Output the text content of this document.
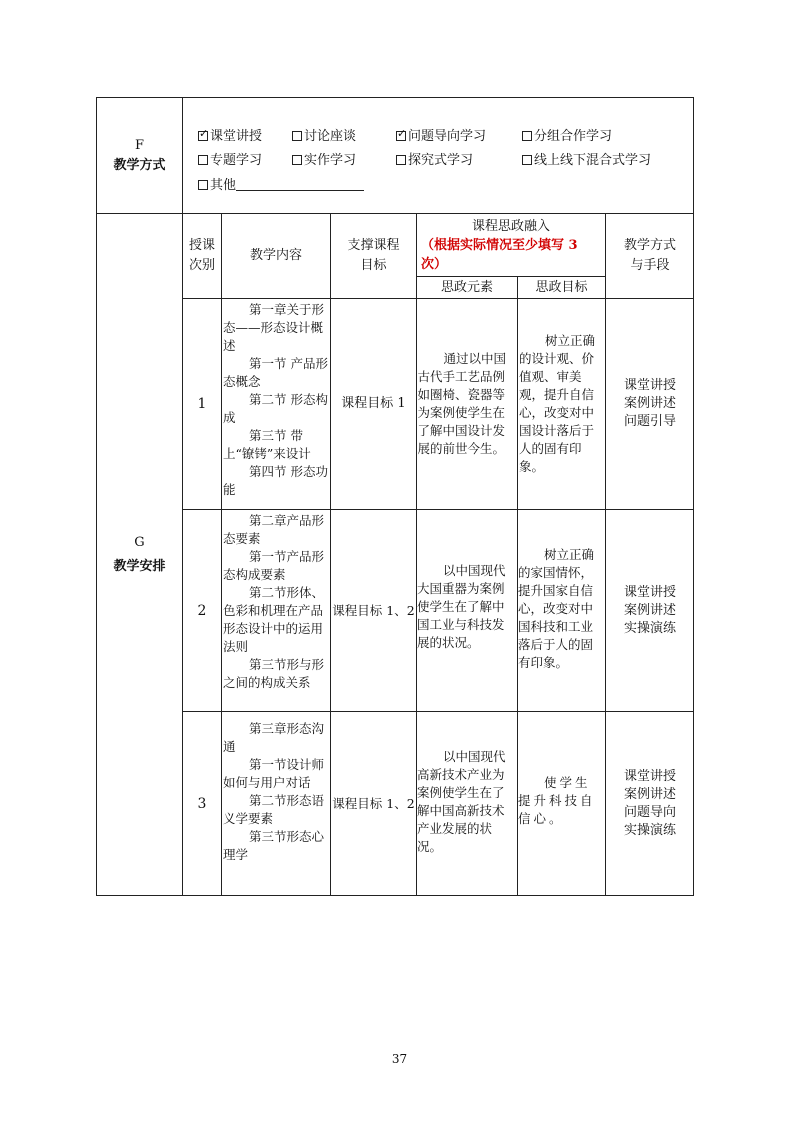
F
教学方式
✓课堂讲授	讨论座谈
✓	问题导向学习	分组合作学习
专题学习	实作学习	探究式学习	线上线下混合式学习
其他
G
教学安排
授课次别
教学内容
支撑课程目标
课程思政融入
（根据实际情况至少填写 3 次）
思政元素	思政目标
教学方式与手段
1
第一章关于形态——形态设计概述
第一节 产品形态概念
第二节 形态构成
第三节 带上“镣铐”来设计
第四节 形态功能
课程目标 1
通过以中国古代手工艺品例如圈椅、瓷器等为案例使学生在了解中国设计发展的前世今生。
树立正确的设计观、价值观、审美观，提升自信心，改变对中国设计落后于人的固有印象。
课堂讲授
案例讲述
问题引导
2
第二章产品形态要素
第一节产品形态构成要素
第二节形体、色彩和机理在产品形态设计中的运用法则
第三节形与形之间的构成关系
课程目标 1、2
以中国现代大国重器为案例使学生在了解中国工业与科技发展的状况。
树立正确的家国情怀，提升国家自信心，改变对中国科技和工业落后于人的固有印象。
课堂讲授
案例讲述
实操演练
3
第三章形态沟通
第一节设计师如何与用户对话
第二节形态语义学要素
第三节形态心理学
课程目标 1、2
以中国现代高新技术产业为案例使学生在了解中国高新技术产业发展的状况。
使学生提升科技自信心。
课堂讲授
案例讲述
问题导向
实操演练
37
